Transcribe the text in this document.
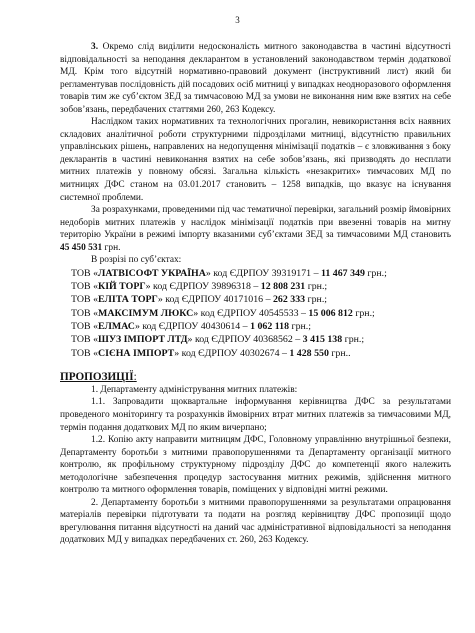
3

3. Окремо слід виділити недосконалість митного законодавства в частині відсутності відповідальності за неподання декларантом в установлений законодавством термін додаткової МД. Крім того відсутній нормативно-правовий документ (інструктивний лист) який би регламентував послідовність дій посадових осіб митниці у випадках неодноразового оформлення товарів тим же суб’єктом ЗЕД за тимчасовою МД за умови не виконання ним вже взятих на себе зобов’язань, передбачених статтями 260, 263 Кодексу.

Наслідком таких нормативних та технологічних прогалин, невикористання всіх наявних складових аналітичної роботи структурними підрозділами митниці, відсутністю правильних управлінських рішень, направлених на недопущення мінімізації податків – є зловживання з боку декларантів в частині невиконання взятих на себе зобов’язань, які призводять до несплати митних платежів у повному обсязі. Загальна кількість «незакритих» тимчасових МД по митницях ДФС станом на 03.01.2017 становить – 1258 випадків, що вказує на існування системної проблеми.

За розрахунками, проведеними під час тематичної перевірки, загальний розмір ймовірних недоборів митних платежів у наслідок мінімізації податків при ввезенні товарів на митну територію України в режимі імпорту вказаними суб’єктами ЗЕД за тимчасовими МД становить 45 450 531 грн.

В розрізі по суб’єктах:

ТОВ «ЛАТВІСОФТ УКРАЇНА» код ЄДРПОУ 39319171 – 11 467 349 грн.;
ТОВ «КІЙ ТОРГ» код ЄДРПОУ 39896318 – 12 808 231 грн.;
ТОВ «ЕЛІТА ТОРГ» код ЄДРПОУ 40171016 – 262 333 грн.;
ТОВ «МАКСІМУМ ЛЮКС» код ЄДРПОУ 40545533 – 15 006 812 грн.;
ТОВ «ЕЛМАС» код ЄДРПОУ 40430614 – 1 062 118 грн.;
ТОВ «ШУЗ ІМПОРТ ЛТД» код ЄДРПОУ 40368562 – 3 415 138 грн.;
ТОВ «СІЄНА ІМПОРТ» код ЄДРПОУ 40302674 – 1 428 550 грн..

ПРОПОЗИЦІЇ:

1. Департаменту адміністрування митних платежів:

1.1. Запровадити щоквартальне інформування керівництва ДФС за результатами проведеного моніторингу та розрахунків ймовірних втрат митних платежів за тимчасовими МД, термін подання додаткових МД по яким вичерпано;

1.2. Копію акту направити митницям ДФС, Головному управлінню внутрішньої безпеки, Департаменту боротьби з митними правопорушеннями та Департаменту організації митного контролю, як профільному структурному підрозділу ДФС до компетенції якого належить методологічне забезпечення процедур застосування митних режимів, здійснення митного контролю та митного оформлення товарів, поміщених у відповідні митні режими.

2. Департаменту боротьби з митними правопорушеннями за результатами опрацювання матеріалів перевірки підготувати та подати на розгляд керівництву ДФС пропозиції щодо врегулювання питання відсутності на даний час адміністративної відповідальності за неподання додаткових МД у випадках передбачених ст. 260, 263 Кодексу.
